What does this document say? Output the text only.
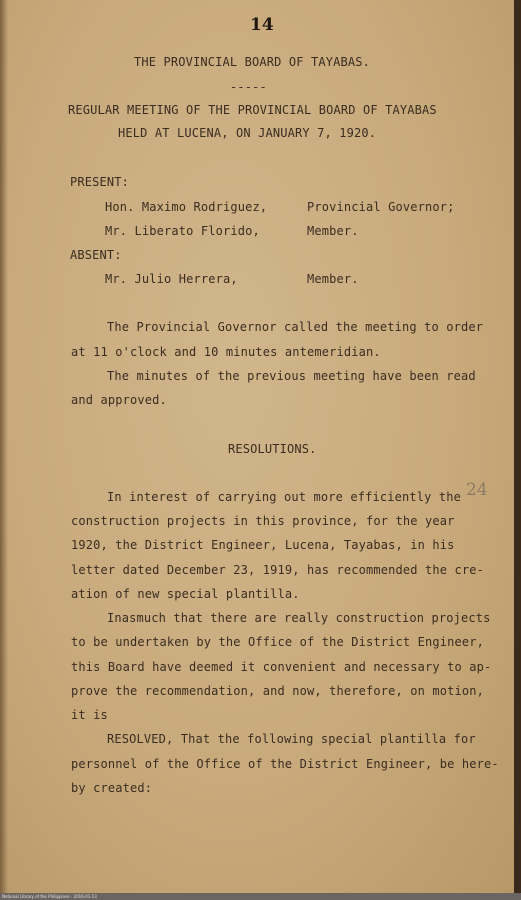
14
THE PROVINCIAL BOARD OF TAYABAS.
-----
REGULAR MEETING OF THE PROVINCIAL BOARD OF TAYABAS
HELD AT LUCENA, ON JANUARY 7, 1920.
PRESENT:
Hon. Maximo Rodriguez,	Provincial Governor;
Mr. Liberato Florido,	Member.
ABSENT:
Mr. Julio Herrera,	Member.
The Provincial Governor called the meeting to order
at 11 o'clock and 10 minutes antemeridian.
The minutes of the previous meeting have been read
and approved.
RESOLUTIONS.
In interest of carrying out more efficiently the 24
construction projects in this province, for the year
1920, the District Engineer, Lucena, Tayabas, in his
letter dated December 23, 1919, has recommended the cre-
ation of new special plantilla.
Inasmuch that there are really construction projects
to be undertaken by the Office of the District Engineer,
this Board have deemed it convenient and necessary to ap-
prove the recommendation, and now, therefore, on motion,
it is
RESOLVED, That the following special plantilla for
personnel of the Office of the District Engineer, be here-
by created:
National Library of the Philippines · 2016-01-13
